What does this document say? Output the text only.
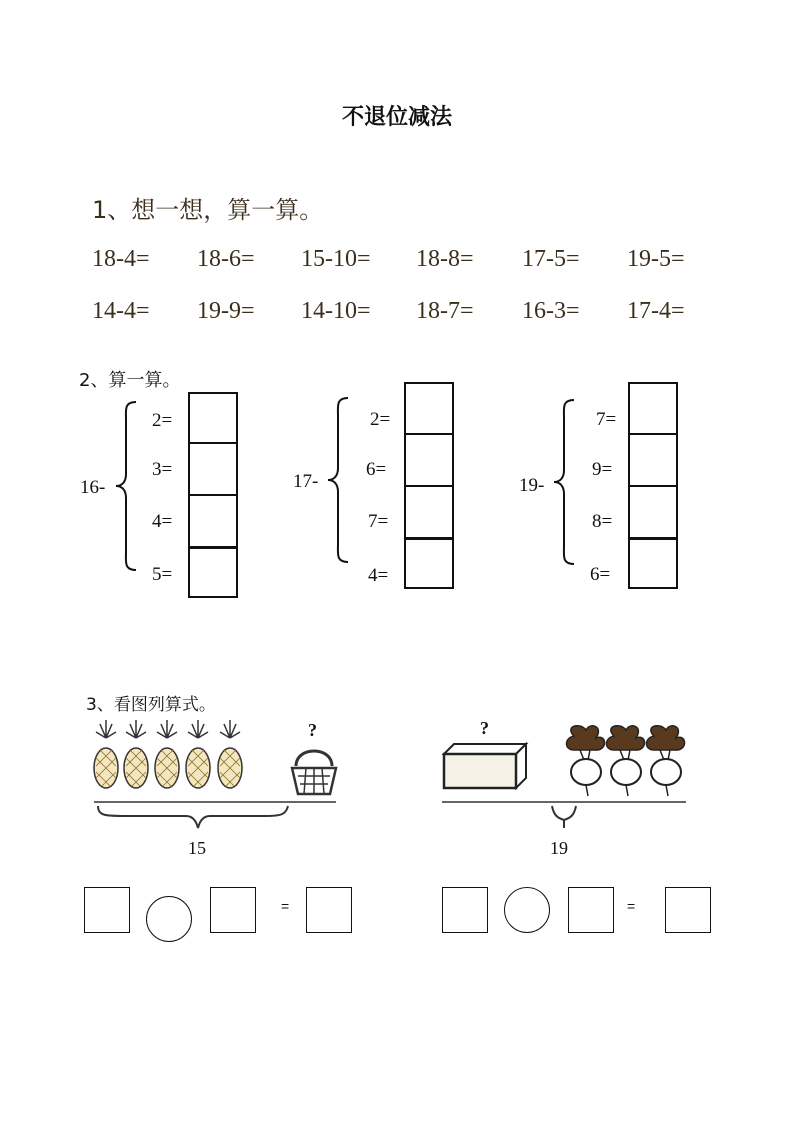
不退位减法
1、想一想，算一算。
18-4= 18-6= 15-10= 18-8= 17-5= 19-5=
14-4= 19-9= 14-10= 18-7= 16-3= 17-4=
2、算一算。
16-
2=
3=
4=
5=
17-
2=
6=
7=
4=
19-
7=
9=
8=
6=
3、看图列算式。
?
15
?
19
=	=
